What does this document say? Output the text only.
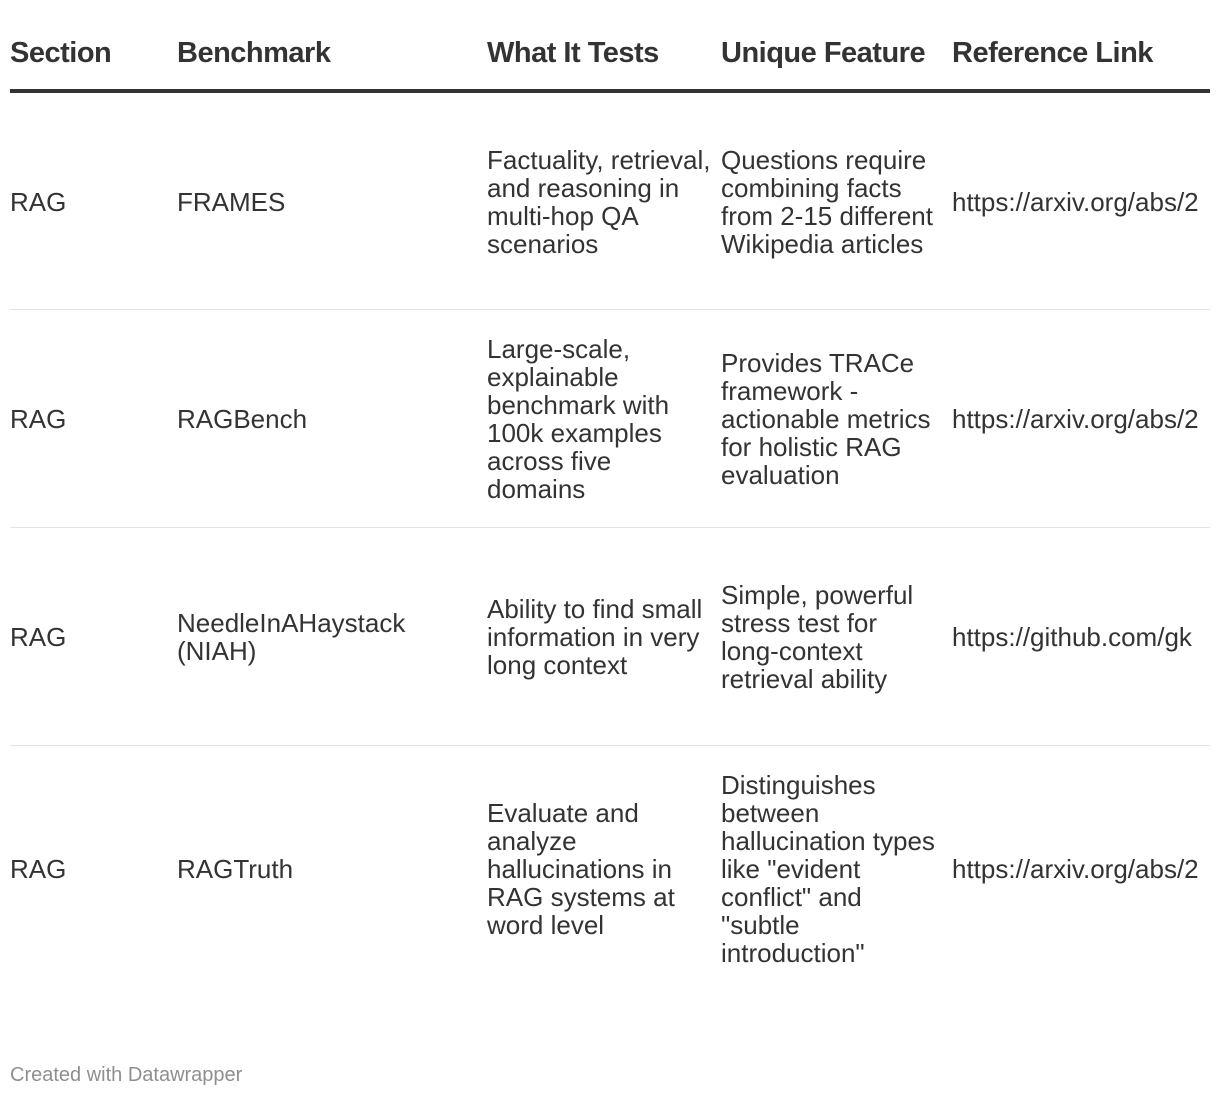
Section	Benchmark	What It Tests	Unique Feature	Reference Link
RAG	FRAMES	Factuality, retrieval, and reasoning in multi-hop QA scenarios	Questions require combining facts from 2-15 different Wikipedia articles	https://arxiv.org/abs/2
RAG	RAGBench	Large-scale, explainable benchmark with 100k examples across five domains	Provides TRACe framework - actionable metrics for holistic RAG evaluation	https://arxiv.org/abs/2
RAG	NeedleInAHaystack (NIAH)	Ability to find small information in very long context	Simple, powerful stress test for long-context retrieval ability	https://github.com/gk
RAG	RAGTruth	Evaluate and analyze hallucinations in RAG systems at word level	Distinguishes between hallucination types like "evident conflict" and "subtle introduction"	https://arxiv.org/abs/2
Created with Datawrapper
